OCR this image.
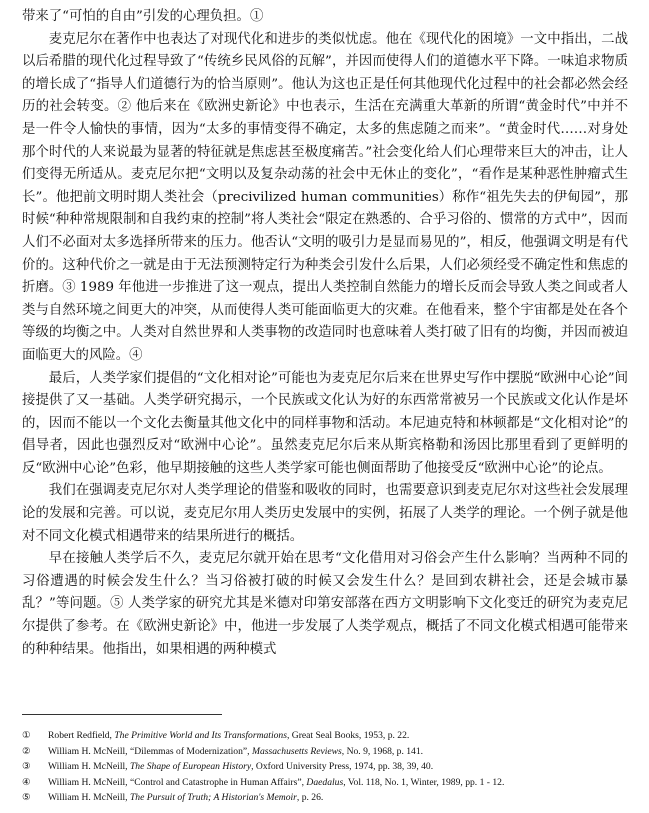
带来了“可怕的自由”引发的心理负担。①

麦克尼尔在著作中也表达了对现代化和进步的类似忧虑。他在《现代化的困境》一文中指出，二战以后希腊的现代化过程导致了“传统乡民风俗的瓦解”，并因而使得人们的道德水平下降。一味追求物质的增长成了“指导人们道德行为的恰当原则”。他认为这也正是任何其他现代化过程中的社会都必然会经历的社会转变。② 他后来在《欧洲史新论》中也表示，生活在充满重大革新的所谓“黄金时代”中并不是一件令人愉快的事情，因为“太多的事情变得不确定，太多的焦虑随之而来”。“黄金时代……对身处那个时代的人来说最为显著的特征就是焦虑甚至极度痛苦。”社会变化给人们心理带来巨大的冲击，让人们变得无所适从。麦克尼尔把“文明以及复杂动荡的社会中无休止的变化”，“看作是某种恶性肿瘤式生长”。他把前文明时期人类社会（precivilized human communities）称作“祖先失去的伊甸园”，那时候“种种常规限制和自我约束的控制”将人类社会“限定在熟悉的、合乎习俗的、惯常的方式中”，因而人们不必面对太多选择所带来的压力。他否认“文明的吸引力是显而易见的”，相反，他强调文明是有代价的。这种代价之一就是由于无法预测特定行为种类会引发什么后果，人们必须经受不确定性和焦虑的折磨。③ 1989 年他进一步推进了这一观点，提出人类控制自然能力的增长反而会导致人类之间或者人类与自然环境之间更大的冲突，从而使得人类可能面临更大的灾难。在他看来，整个宇宙都是处在各个等级的均衡之中。人类对自然世界和人类事物的改造同时也意味着人类打破了旧有的均衡，并因而被迫面临更大的风险。④

最后，人类学家们提倡的“文化相对论”可能也为麦克尼尔后来在世界史写作中摆脱“欧洲中心论”间接提供了又一基础。人类学研究揭示，一个民族或文化认为好的东西常常被另一个民族或文化认作是坏的，因而不能以一个文化去衡量其他文化中的同样事物和活动。本尼迪克特和林顿都是“文化相对论”的倡导者，因此也强烈反对“欧洲中心论”。虽然麦克尼尔后来从斯宾格勒和汤因比那里看到了更鲜明的反“欧洲中心论”色彩，他早期接触的这些人类学家可能也侧面帮助了他接受反“欧洲中心论”的论点。

我们在强调麦克尼尔对人类学理论的借鉴和吸收的同时，也需要意识到麦克尼尔对这些社会发展理论的发展和完善。可以说，麦克尼尔用人类历史发展中的实例，拓展了人类学的理论。一个例子就是他对不同文化模式相遇带来的结果所进行的概括。

早在接触人类学后不久，麦克尼尔就开始在思考“文化借用对习俗会产生什么影响？当两种不同的习俗遭遇的时候会发生什么？当习俗被打破的时候又会发生什么？是回到农耕社会，还是会城市暴乱？”等问题。⑤ 人类学家的研究尤其是米德对印第安部落在西方文明影响下文化变迁的研究为麦克尼尔提供了参考。在《欧洲史新论》中，他进一步发展了人类学观点，概括了不同文化模式相遇可能带来的种种结果。他指出，如果相遇的两种模式

①	Robert Redfield, The Primitive World and Its Transformations, Great Seal Books, 1953, p. 22.
②	William H. McNeill, “Dilemmas of Modernization”, Massachusetts Reviews, No. 9, 1968, p. 141.
③	William H. McNeill, The Shape of European History, Oxford University Press, 1974, pp. 38, 39, 40.
④	William H. McNeill, “Control and Catastrophe in Human Affairs”, Daedalus, Vol. 118, No. 1, Winter, 1989, pp. 1 - 12.
⑤	William H. McNeill, The Pursuit of Truth; A Historian's Memoir, p. 26.
